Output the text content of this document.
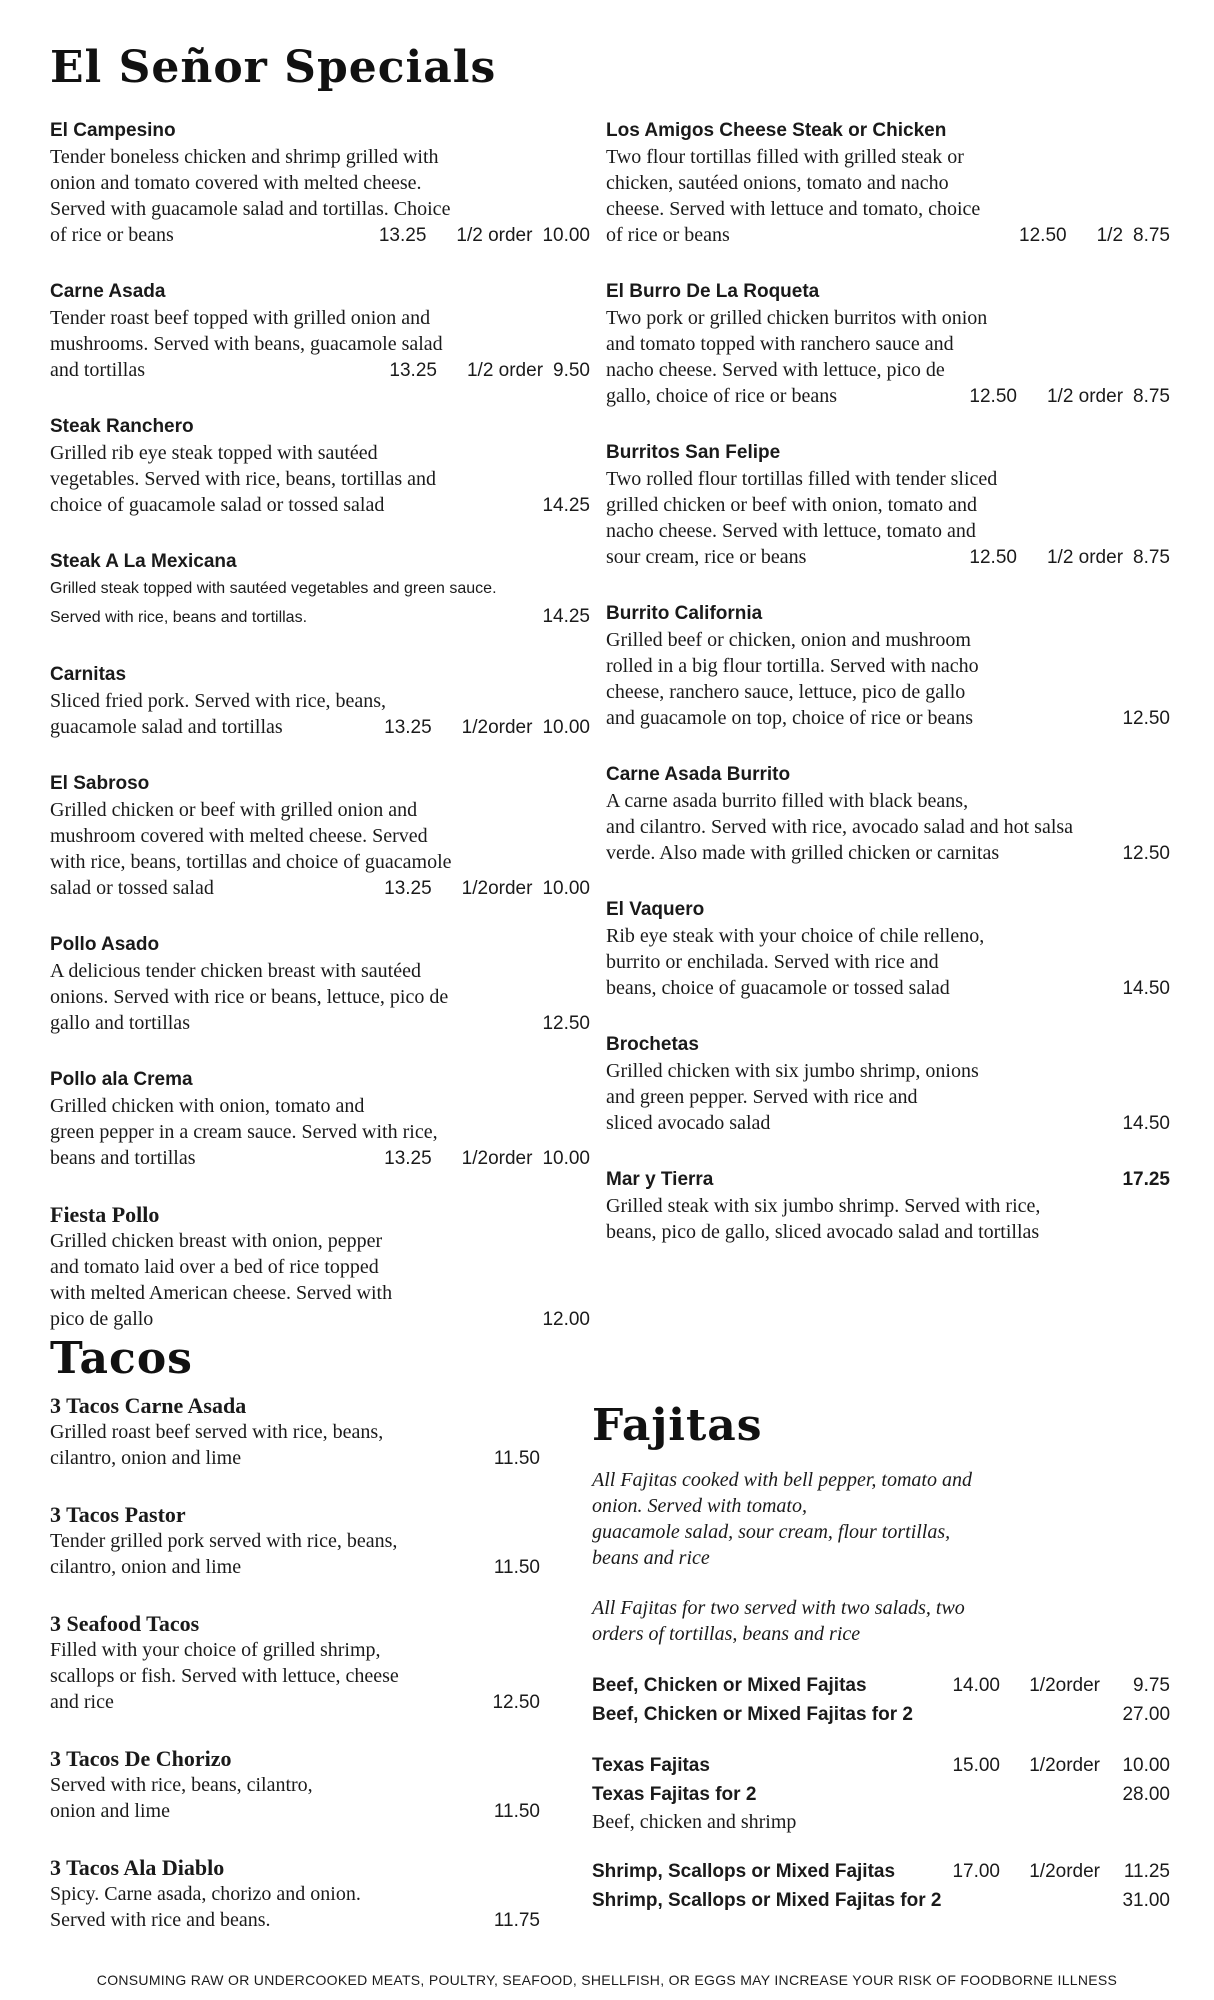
El Señor Specials
El Campesino
Tender boneless chicken and shrimp grilled with
onion and tomato covered with melted cheese.
Served with guacamole salad and tortillas. Choice
of rice or beans	13.25 1/2 order 10.00
Carne Asada
Tender roast beef topped with grilled onion and
mushrooms. Served with beans, guacamole salad
and tortillas	13.25 1/2 order 9.50
Steak Ranchero
Grilled rib eye steak topped with sautéed
vegetables. Served with rice, beans, tortillas and
choice of guacamole salad or tossed salad	14.25
Steak A La Mexicana
Grilled steak topped with sautéed vegetables and green sauce.
Served with rice, beans and tortillas.	14.25
Carnitas
Sliced fried pork. Served with rice, beans,
guacamole salad and tortillas	13.25 1/2order 10.00
El Sabroso
Grilled chicken or beef with grilled onion and
mushroom covered with melted cheese. Served
with rice, beans, tortillas and choice of guacamole
salad or tossed salad	13.25 1/2order 10.00
Pollo Asado
A delicious tender chicken breast with sautéed
onions. Served with rice or beans, lettuce, pico de
gallo and tortillas	12.50
Pollo ala Crema
Grilled chicken with onion, tomato and
green pepper in a cream sauce. Served with rice,
beans and tortillas	13.25 1/2order 10.00
Fiesta Pollo
Grilled chicken breast with onion, pepper
and tomato laid over a bed of rice topped
with melted American cheese. Served with
pico de gallo	12.00
Los Amigos Cheese Steak or Chicken
Two flour tortillas filled with grilled steak or
chicken, sautéed onions, tomato and nacho
cheese. Served with lettuce and tomato, choice
of rice or beans	12.50 1/2 8.75
El Burro De La Roqueta
Two pork or grilled chicken burritos with onion
and tomato topped with ranchero sauce and
nacho cheese. Served with lettuce, pico de
gallo, choice of rice or beans	12.50 1/2 order 8.75
Burritos San Felipe
Two rolled flour tortillas filled with tender sliced
grilled chicken or beef with onion, tomato and
nacho cheese. Served with lettuce, tomato and
sour cream, rice or beans	12.50 1/2 order 8.75
Burrito California
Grilled beef or chicken, onion and mushroom
rolled in a big flour tortilla. Served with nacho
cheese, ranchero sauce, lettuce, pico de gallo
and guacamole on top, choice of rice or beans	12.50
Carne Asada Burrito
A carne asada burrito filled with black beans,
and cilantro. Served with rice, avocado salad and hot salsa
verde. Also made with grilled chicken or carnitas	12.50
El Vaquero
Rib eye steak with your choice of chile relleno,
burrito or enchilada. Served with rice and
beans, choice of guacamole or tossed salad	14.50
Brochetas
Grilled chicken with six jumbo shrimp, onions
and green pepper. Served with rice and
sliced avocado salad	14.50
Mar y Tierra	17.25
Grilled steak with six jumbo shrimp. Served with rice,
beans, pico de gallo, sliced avocado salad and tortillas
Tacos
3 Tacos Carne Asada
Grilled roast beef served with rice, beans,
cilantro, onion and lime	11.50
3 Tacos Pastor
Tender grilled pork served with rice, beans,
cilantro, onion and lime	11.50
3 Seafood Tacos
Filled with your choice of grilled shrimp,
scallops or fish. Served with lettuce, cheese
and rice	12.50
3 Tacos De Chorizo
Served with rice, beans, cilantro,
onion and lime	11.50
3 Tacos Ala Diablo
Spicy. Carne asada, chorizo and onion.
Served with rice and beans.	11.75
Fajitas
All Fajitas cooked with bell pepper, tomato and
onion. Served with tomato,
guacamole salad, sour cream, flour tortillas,
beans and rice
All Fajitas for two served with two salads, two
orders of tortillas, beans and rice
Beef, Chicken or Mixed Fajitas	14.00	1/2order	9.75
Beef, Chicken or Mixed Fajitas for 2	27.00
Texas Fajitas	15.00	1/2order	10.00
Texas Fajitas for 2	28.00
Beef, chicken and shrimp
Shrimp, Scallops or Mixed Fajitas	17.00	1/2order	11.25
Shrimp, Scallops or Mixed Fajitas for 2	31.00
CONSUMING RAW OR UNDERCOOKED MEATS, POULTRY, SEAFOOD, SHELLFISH, OR EGGS MAY INCREASE YOUR RISK OF FOODBORNE ILLNESS
